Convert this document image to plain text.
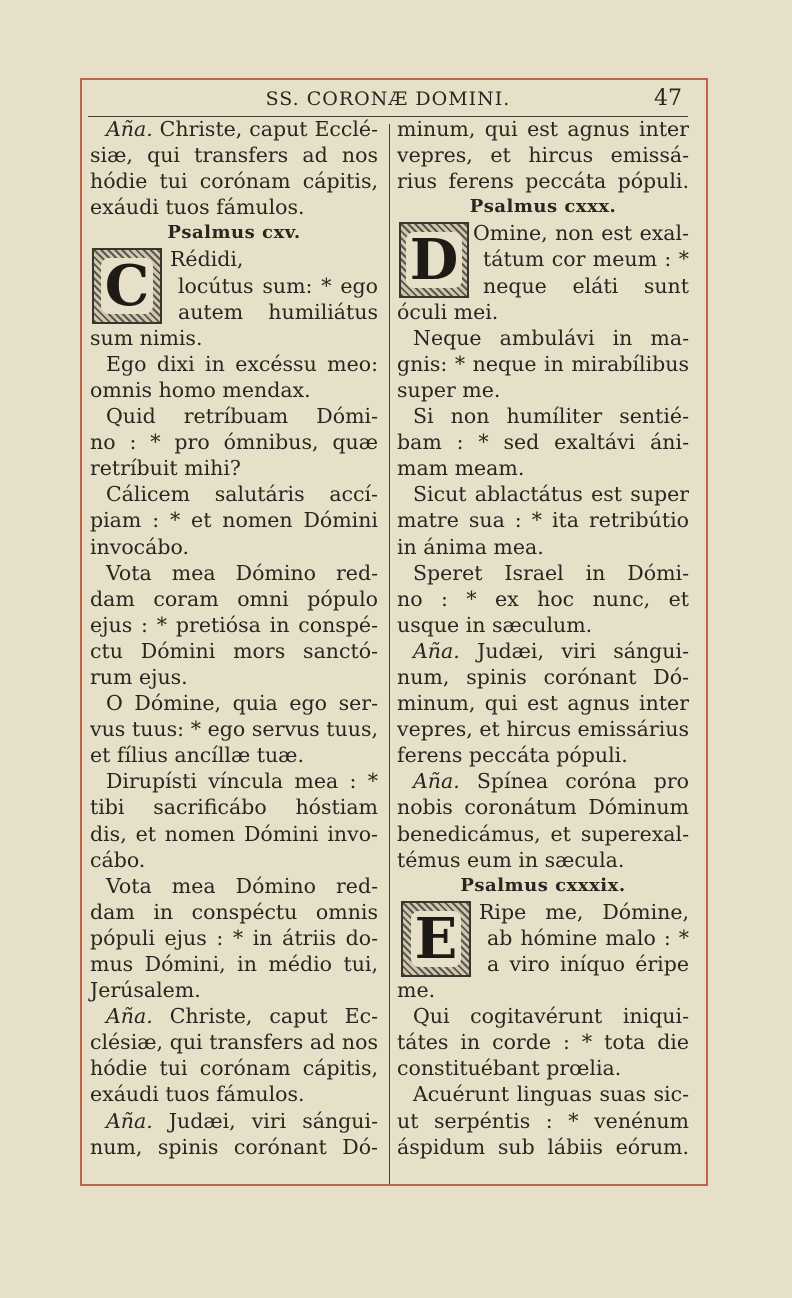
SS. CORONÆ DOMINI.	47
Aña. Christe, caput Ecclé-
siæ, qui transfers ad nos
hódie tui corónam cápitis,
exáudi tuos fámulos.
Psalmus cxv.
C	Rédidi,
locútus sum: * ego
autem humiliátus
sum nimis.
Ego dixi in excéssu meo:
omnis homo mendax.
Quid retríbuam Dómi-
no : * pro ómnibus, quæ
retríbuit mihi?
Cálicem salutáris accí-
piam : * et nomen Dómini
invocábo.
Vota mea Dómino red-
dam coram omni pópulo
ejus : * pretiósa in conspé-
ctu Dómini mors sanctó-
rum ejus.
O Dómine, quia ego ser-
vus tuus: * ego servus tuus,
et fílius ancíllæ tuæ.
Dirupísti víncula mea : *
tibi sacrificábo hóstiam
dis, et nomen Dómini invo-
cábo.
Vota mea Dómino red-
dam in conspéctu omnis
pópuli ejus : * in átriis do-
mus Dómini, in médio tui,
Jerúsalem.
Aña. Christe, caput Ec-
clésiæ, qui transfers ad nos
hódie tui corónam cápitis,
exáudi tuos fámulos.
Aña. Judæi, viri sángui-
num, spinis corónant Dó-
minum, qui est agnus inter
vepres, et hircus emissá-
rius ferens peccáta pópuli.
Psalmus cxxx.
D Omine, non est exal-
tátum cor meum : *
neque eláti sunt
óculi mei.
Neque ambulávi in ma-
gnis: * neque in mirabílibus
super me.
Si non humíliter sentié-
bam : * sed exaltávi áni-
mam meam.
Sicut ablactátus est super
matre sua : * ita retribútio
in ánima mea.
Speret Israel in Dómi-
no : * ex hoc nunc, et
usque in sæculum.
Aña. Judæi, viri sángui-
num, spinis corónant Dó-
minum, qui est agnus inter
vepres, et hircus emissárius
ferens peccáta pópuli.
Aña. Spínea coróna pro
nobis coronátum Dóminum
benedicámus, et superexal-
témus eum in sæcula.
Psalmus cxxxix.
E	Ripe me, Dómine,
ab hómine malo : *
a viro iníquo éripe
me.
Qui cogitavérunt iniqui-
tátes in corde : * tota die
constituébant prœlia.
Acuérunt linguas suas sic-
ut serpéntis : * venénum
áspidum sub lábiis eórum.
